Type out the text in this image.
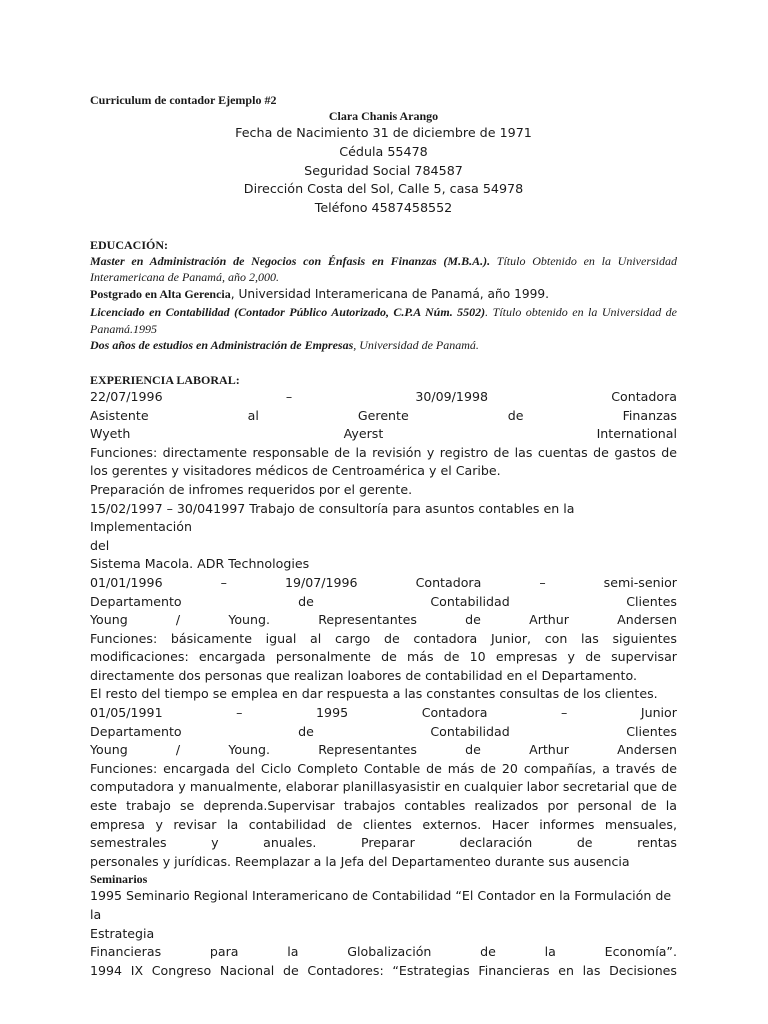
Curriculum de contador Ejemplo #2
Clara Chanis Arango
Fecha de Nacimiento 31 de diciembre de 1971
Cédula 55478
Seguridad Social 784587
Dirección Costa del Sol, Calle 5, casa 54978
Teléfono 4587458552
EDUCACIÓN:
Master en Administración de Negocios con Énfasis en Finanzas (M.B.A.). Título Obtenido en la Universidad Interamericana de Panamá, año 2,000.
Postgrado en Alta Gerencia, Universidad Interamericana de Panamá, año 1999.
Licenciado en Contabilidad (Contador Público Autorizado, C.P.A Núm. 5502). Título obtenido en la Universidad de Panamá.1995
Dos años de estudios en Administración de Empresas, Universidad de Panamá.
EXPERIENCIA LABORAL:
22/07/1996	–	30/09/1998	Contadora
Asistente	al	Gerente	de	Finanzas
Wyeth	Ayerst	International
Funciones: directamente responsable de la revisión y registro de las cuentas de gastos de los gerentes y visitadores médicos de Centroamérica y el Caribe.
Preparación de infromes requeridos por el gerente.
15/02/1997 – 30/041997 Trabajo de consultoría para asuntos contables en la Implementación
del
Sistema Macola. ADR Technologies
01/01/1996	–	19/07/1996	Contadora	–	semi-senior
Departamento	de	Contabilidad	Clientes
Young	/	Young.	Representantes	de	Arthur	Andersen
Funciones: básicamente igual al cargo de contadora Junior, con las siguientes modificaciones: encargada personalmente de más de 10 empresas y de supervisar directamente dos personas que realizan loabores de contabilidad en el Departamento.
El resto del tiempo se emplea en dar respuesta a las constantes consultas de los clientes.
01/05/1991	–	1995	Contadora	–	Junior
Departamento	de	Contabilidad	Clientes
Young	/	Young.	Representantes	de	Arthur	Andersen
Funciones: encargada del Ciclo Completo Contable de más de 20 compañías, a través de computadora y manualmente, elaborar planillasyasistir en cualquier labor secretarial que de este trabajo se deprenda.Supervisar trabajos contables realizados por personal de la empresa y revisar la contabilidad de clientes externos. Hacer informes mensuales, semestrales y anuales. Preparar declaración de rentas
personales y jurídicas. Reemplazar a la Jefa del Departamenteo durante sus ausencia
Seminarios
1995 Seminario Regional Interamericano de Contabilidad “El Contador en la Formulación de la
Estrategia
Financieras	para	la	Globalización	de	la	Economía”.
1994 IX Congreso Nacional de Contadores: “Estrategias Financieras en las Decisiones
